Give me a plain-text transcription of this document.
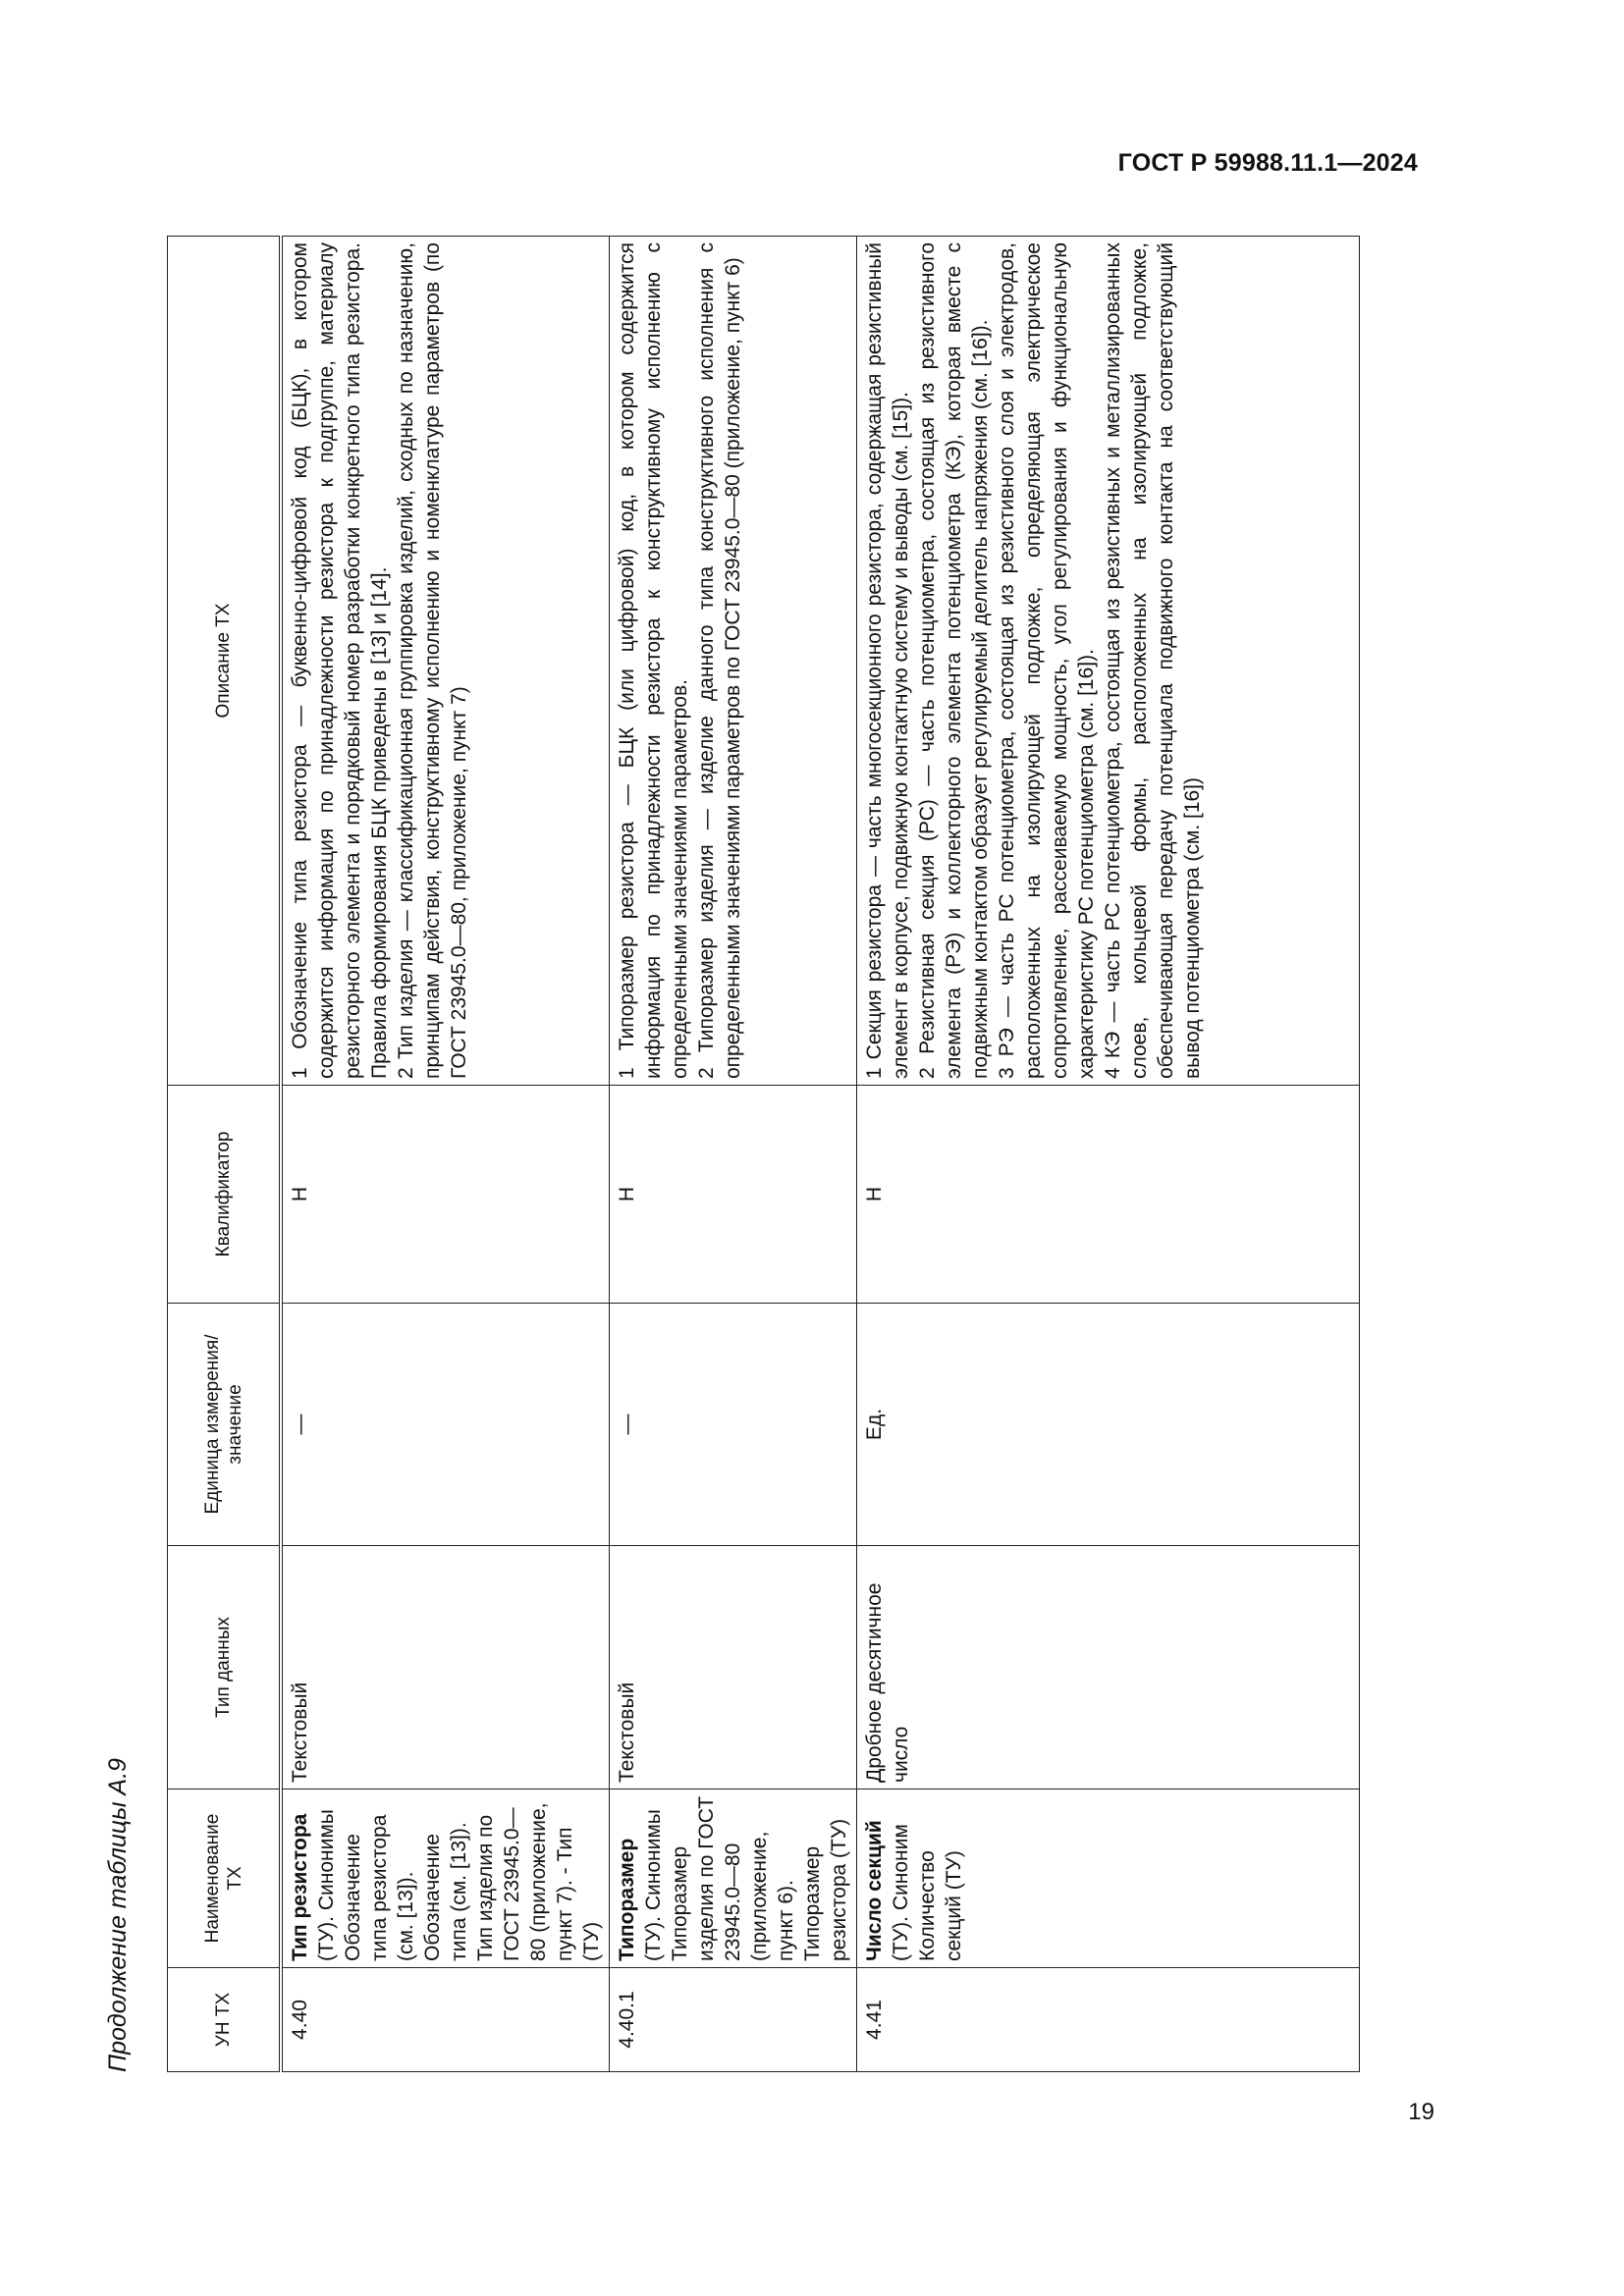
ГОСТ Р 59988.11.1—2024
Продолжение таблицы А.9	УН ТХ	Наименование ТХ	Тип данных	Единица измерения/ значение	Квалификатор	Описание ТХ
4.40	Тип резистора (ТУ). Синонимы Обозначение типа резистора (см. [13]). Обозначение типа (см. [13]). Тип изделия по ГОСТ 23945.0—80 (приложение, пункт 7). - Тип (ТУ)	Текстовый	—	Н	1 Обозначение типа резистора — буквенно-цифровой код (БЦК), в котором содержится информация по принадлежности резистора к подгруппе, материалу резисторного элемента и порядковый номер разработки конкретного типа резистора. Правила формирования БЦК приведены в [13] и [14]. 2 Тип изделия — классификационная группировка изделий, сходных по назначению, принципам действия, конструктивному исполнению и номенклатуре параметров (по ГОСТ 23945.0—80, приложение, пункт 7)

4.40.1	Типоразмер (ТУ). Синонимы Типоразмер изделия по ГОСТ 23945.0—80 (приложение, пункт 6). Типоразмер резистора (ТУ)	Текстовый	—	Н	1 Типоразмер резистора — БЦК (или цифровой) код, в котором содержится информация по принадлежности резистора к конструктивному исполнению с определенными значениями параметров. 2 Типоразмер изделия — изделие данного типа конструктивного исполнения с определенными значениями параметров по ГОСТ 23945.0—80 (приложение, пункт 6)

4.41	Число секций (ТУ). Синоним Количество секций (ТУ)	Дробное десятичное число	Ед.	Н	1 Секция резистора — часть многосекционного резистора, содержащая резистивный элемент в корпусе, подвижную контактную систему и выводы (см. [15]). 2 Резистивная секция (РС) — часть потенциометра, состоящая из резистивного элемента (РЭ) и коллекторного элемента потенциометра (КЭ), которая вместе с подвижным контактом образует регулируемый делитель напряжения (см. [16]). 3 РЭ — часть РС потенциометра, состоящая из резистивного слоя и электродов, расположенных на изолирующей подложке, определяющая электрическое сопротивление, рассеиваемую мощность, угол регулирования и функциональную характеристику РС потенциометра (см. [16]). 4 КЭ — часть РС потенциометра, состоящая из резистивных и металлизированных слоев, кольцевой формы, расположенных на изолирующей подложке, обеспечивающая передачу потенциала подвижного контакта на соответствующий вывод потенциометра (см. [16])
19
